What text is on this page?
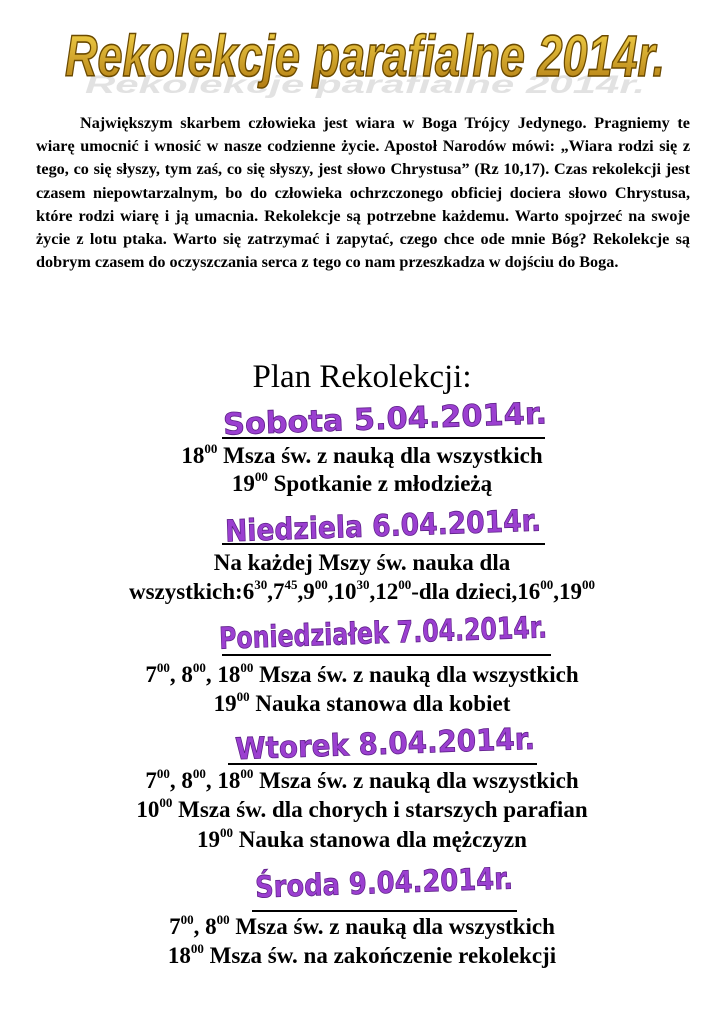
Rekolekcje parafialne 2014r.
Rekolekcje parafialne 2014r.

Największym skarbem człowieka jest wiara w Boga Trójcy Jedynego. Pragniemy te wiarę umocnić i wnosić w nasze codzienne życie. Apostoł Narodów mówi: „Wiara rodzi się z tego, co się słyszy, tym zaś, co się słyszy, jest słowo Chrystusa” (Rz 10,17). Czas rekolekcji jest czasem niepowtarzalnym, bo do człowieka ochrzczonego obficiej dociera słowo Chrystusa, które rodzi wiarę i ją umacnia. Rekolekcje są potrzebne każdemu. Warto spojrzeć na swoje życie z lotu ptaka. Warto się zatrzymać i zapytać, czego chce ode mnie Bóg? Rekolekcje są dobrym czasem do oczyszczania serca z tego co nam przeszkadza w dojściu do Boga.

Plan Rekolekcji:
Sobota 5.04.2014r.
$18^{00}$ Msza św. z nauką dla wszystkich
$19^{00}$ Spotkanie z młodzieżą
Niedziela 6.04.2014r.
Na każdej Mszy św. nauka dla
$wszystkich:6^{30},7^{45},9^{00},10^{30},12^{00}$-dla $dzieci,16^{00},19^{00}$
Poniedziałek 7.04.2014r.
$7^{00}$, $8^{00}$, $18^{00}$ Msza św. z nauką dla wszystkich
$19^{00}$ Nauka stanowa dla kobiet
Wtorek 8.04.2014r.
$7^{00}$, $8^{00}$, $18^{00}$ Msza św. z nauką dla wszystkich
$10^{00}$ Msza św. dla chorych i starszych parafian
$19^{00}$ Nauka stanowa dla mężczyzn
Środa 9.04.2014r.
$7^{00}$, $8^{00}$ Msza św. z nauką dla wszystkich
$18^{00}$ Msza św. na zakończenie rekolekcji
